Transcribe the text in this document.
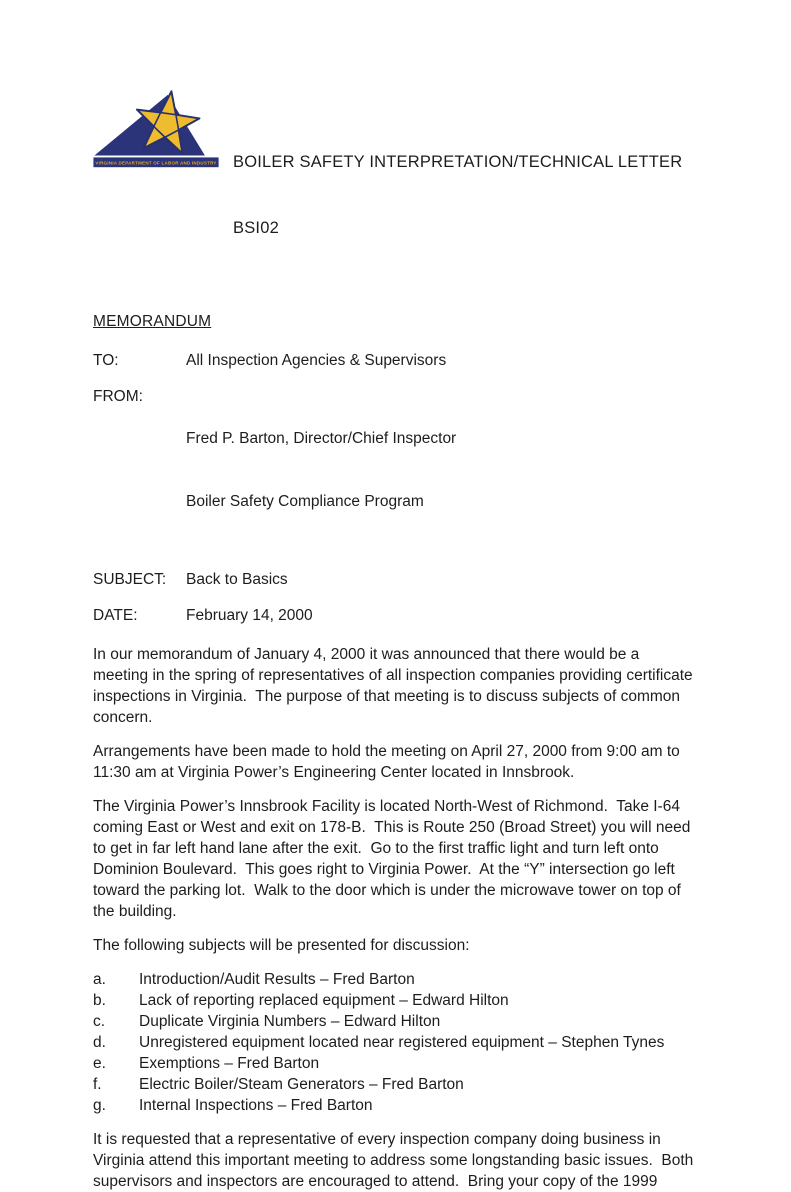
VIRGINIA DEPARTMENT OF LABOR AND INDUSTRY

BOILER SAFETY INTERPRETATION/TECHNICAL LETTER

BSI02

MEMORANDUM
TO:	All Inspection Agencies & Supervisors
FROM:

Fred P. Barton, Director/Chief Inspector

Boiler Safety Compliance Program

SUBJECT:	Back to Basics
DATE:	February 14, 2000

In our memorandum of January 4, 2000 it was announced that there would be a meeting in the spring of representatives of all inspection companies providing certificate inspections in Virginia.  The purpose of that meeting is to discuss subjects of common concern.

Arrangements have been made to hold the meeting on April 27, 2000 from 9:00 am to 11:30 am at Virginia Power’s Engineering Center located in Innsbrook.

The Virginia Power’s Innsbrook Facility is located North-West of Richmond.  Take I-64 coming East or West and exit on 178-B.  This is Route 250 (Broad Street) you will need to get in far left hand lane after the exit.  Go to the first traffic light and turn left onto Dominion Boulevard.  This goes right to Virginia Power.  At the “Y” intersection go left toward the parking lot.  Walk to the door which is under the microwave tower on top of the building.

The following subjects will be presented for discussion:

a.	Introduction/Audit Results – Fred Barton
b.	Lack of reporting replaced equipment – Edward Hilton
c.	Duplicate Virginia Numbers – Edward Hilton
d.	Unregistered equipment located near registered equipment – Stephen Tynes
e.	Exemptions – Fred Barton
f.	Electric Boiler/Steam Generators – Fred Barton
g.	Internal Inspections – Fred Barton

It is requested that a representative of every inspection company doing business in Virginia attend this important meeting to address some longstanding basic issues.  Both supervisors and inspectors are encouraged to attend.  Bring your copy of the 1999
